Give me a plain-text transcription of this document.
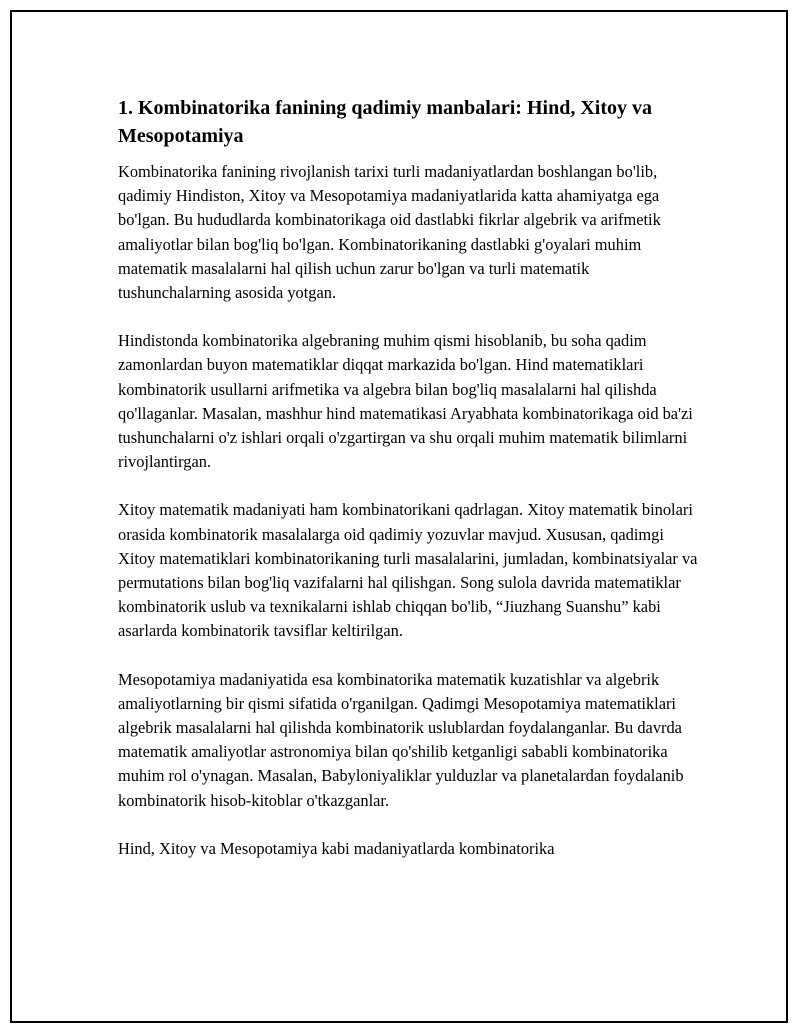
1. Kombinatorika fanining qadimiy manbalari: Hind, Xitoy va Mesopotamiya

Kombinatorika fanining rivojlanish tarixi turli madaniyatlardan boshlangan bo'lib, qadimiy Hindiston, Xitoy va Mesopotamiya madaniyatlarida katta ahamiyatga ega bo'lgan. Bu hududlarda kombinatorikaga oid dastlabki fikrlar algebrik va arifmetik amaliyotlar bilan bog'liq bo'lgan. Kombinatorikaning dastlabki g'oyalari muhim matematik masalalarni hal qilish uchun zarur bo'lgan va turli matematik tushunchalarning asosida yotgan.

Hindistonda kombinatorika algebraning muhim qismi hisoblanib, bu soha qadim zamonlardan buyon matematiklar diqqat markazida bo'lgan. Hind matematiklari kombinatorik usullarni arifmetika va algebra bilan bog'liq masalalarni hal qilishda qo'llaganlar. Masalan, mashhur hind matematikasi Aryabhata kombinatorikaga oid ba'zi tushunchalarni o'z ishlari orqali o'zgartirgan va shu orqali muhim matematik bilimlarni rivojlantirgan.

Xitoy matematik madaniyati ham kombinatorikani qadrlagan. Xitoy matematik binolari orasida kombinatorik masalalarga oid qadimiy yozuvlar mavjud. Xususan, qadimgi Xitoy matematiklari kombinatorikaning turli masalalarini, jumladan, kombinatsiyalar va permutations bilan bog'liq vazifalarni hal qilishgan. Song sulola davrida matematiklar kombinatorik uslub va texnikalarni ishlab chiqqan bo'lib, “Jiuzhang Suanshu” kabi asarlarda kombinatorik tavsiflar keltirilgan.

Mesopotamiya madaniyatida esa kombinatorika matematik kuzatishlar va algebrik amaliyotlarning bir qismi sifatida o'rganilgan. Qadimgi Mesopotamiya matematiklari algebrik masalalarni hal qilishda kombinatorik uslublardan foydalanganlar. Bu davrda matematik amaliyotlar astronomiya bilan qo'shilib ketganligi sababli kombinatorika muhim rol o'ynagan. Masalan, Babyloniyaliklar yulduzlar va planetalardan foydalanib kombinatorik hisob-kitoblar o'tkazganlar.

Hind, Xitoy va Mesopotamiya kabi madaniyatlarda kombinatorika
